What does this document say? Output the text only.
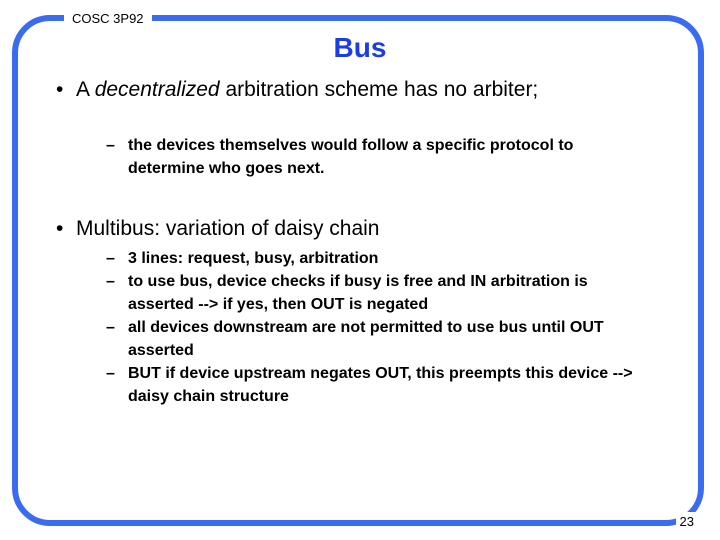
COSC 3P92
Bus
• A decentralized arbitration scheme has no arbiter;
– the devices themselves would follow a specific protocol to determine who goes next.
• Multibus: variation of daisy chain
– 3 lines: request, busy, arbitration
– to use bus, device checks if busy is free and IN arbitration is asserted --> if yes, then OUT is negated
– all devices downstream are not permitted to use bus until OUT asserted
– BUT if device upstream negates OUT, this preempts this device --> daisy chain structure
23
